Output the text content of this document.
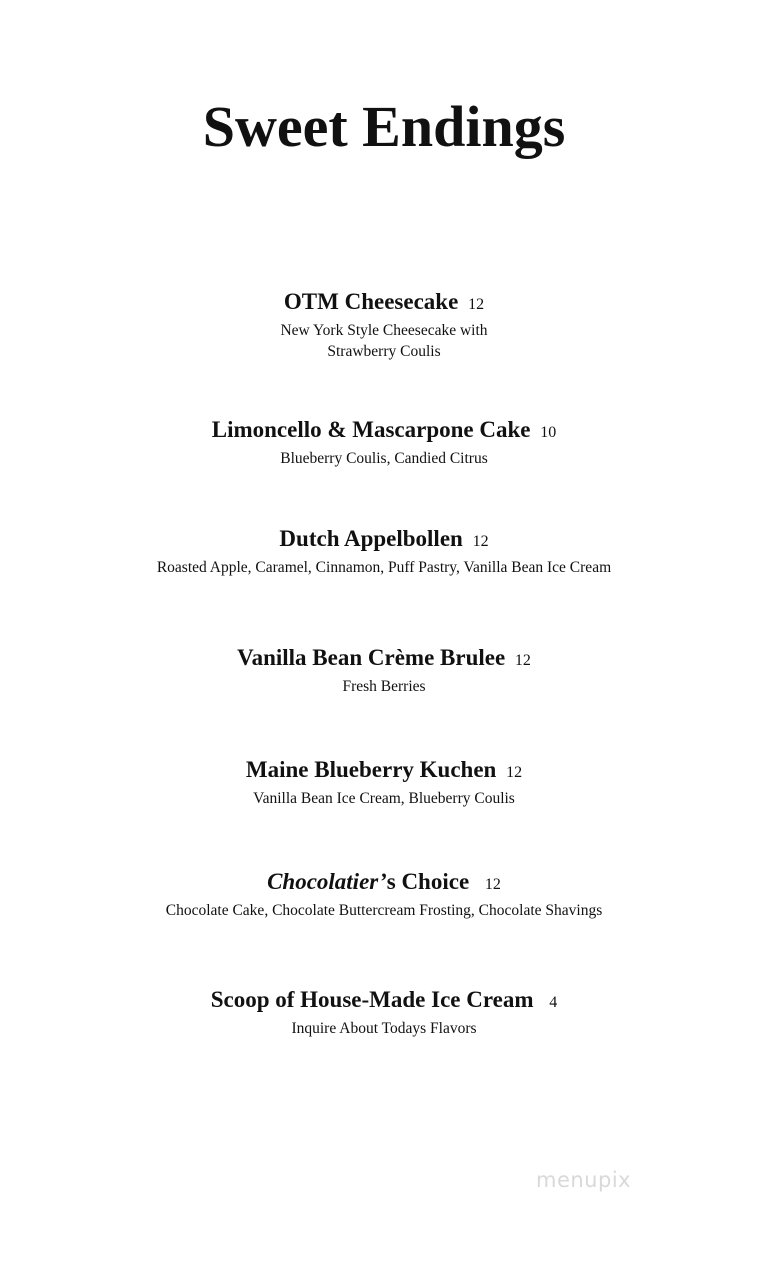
Sweet Endings
OTM Cheesecake 12
New York Style Cheesecake with
Strawberry Coulis
Limoncello & Mascarpone Cake 10
Blueberry Coulis, Candied Citrus
Dutch Appelbollen 12
Roasted Apple, Caramel, Cinnamon, Puff Pastry, Vanilla Bean Ice Cream
Vanilla Bean Crème Brulee 12
Fresh Berries
Maine Blueberry Kuchen 12
Vanilla Bean Ice Cream, Blueberry Coulis
Chocolatier’s Choice 12
Chocolate Cake, Chocolate Buttercream Frosting, Chocolate Shavings
Scoop of House-Made Ice Cream 4
Inquire About Todays Flavors
menupix
